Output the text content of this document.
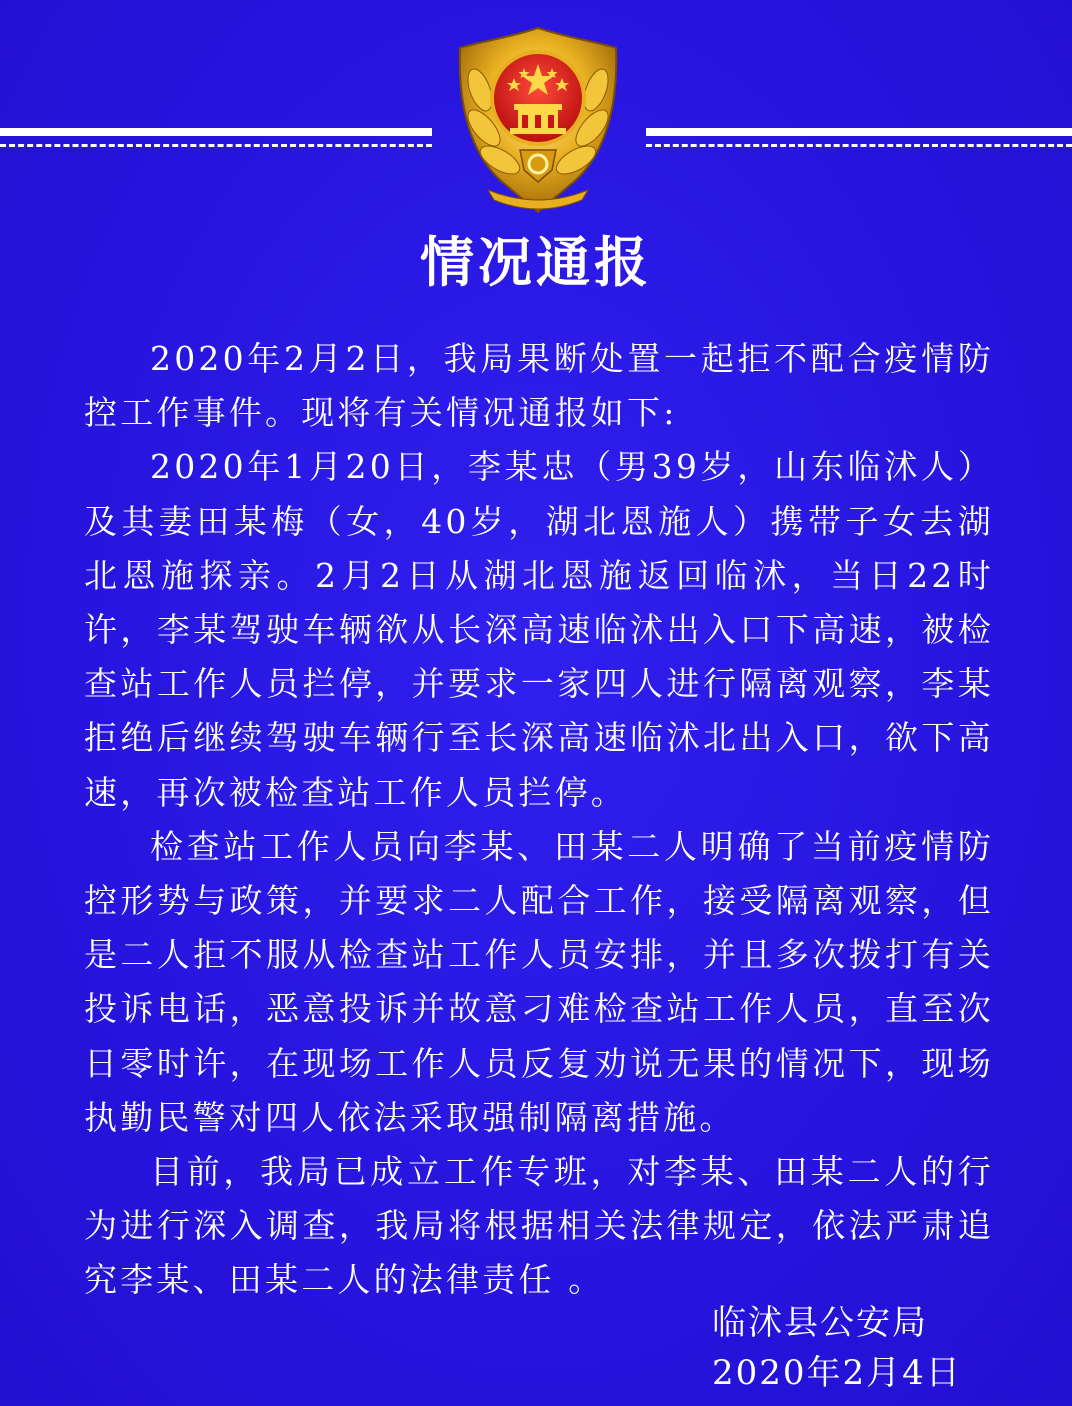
情况通报

2020年2月2日，我局果断处置一起拒不配合疫情防控工作事件。现将有关情况通报如下:

2020年1月20日，李某忠（男39岁，山东临沭人）及其妻田某梅（女，40岁，湖北恩施人）携带子女去湖北恩施探亲。2月2日从湖北恩施返回临沭，当日22时许，李某驾驶车辆欲从长深高速临沭出入口下高速，被检查站工作人员拦停，并要求一家四人进行隔离观察，李某拒绝后继续驾驶车辆行至长深高速临沭北出入口，欲下高速，再次被检查站工作人员拦停。

检查站工作人员向李某、田某二人明确了当前疫情防控形势与政策，并要求二人配合工作，接受隔离观察，但是二人拒不服从检查站工作人员安排，并且多次拨打有关投诉电话，恶意投诉并故意刁难检查站工作人员，直至次日零时许，在现场工作人员反复劝说无果的情况下，现场执勤民警对四人依法采取强制隔离措施。

目前，我局已成立工作专班，对李某、田某二人的行为进行深入调查，我局将根据相关法律规定，依法严肃追究李某、田某二人的法律责任 。

临沭县公安局
2020年2月4日
